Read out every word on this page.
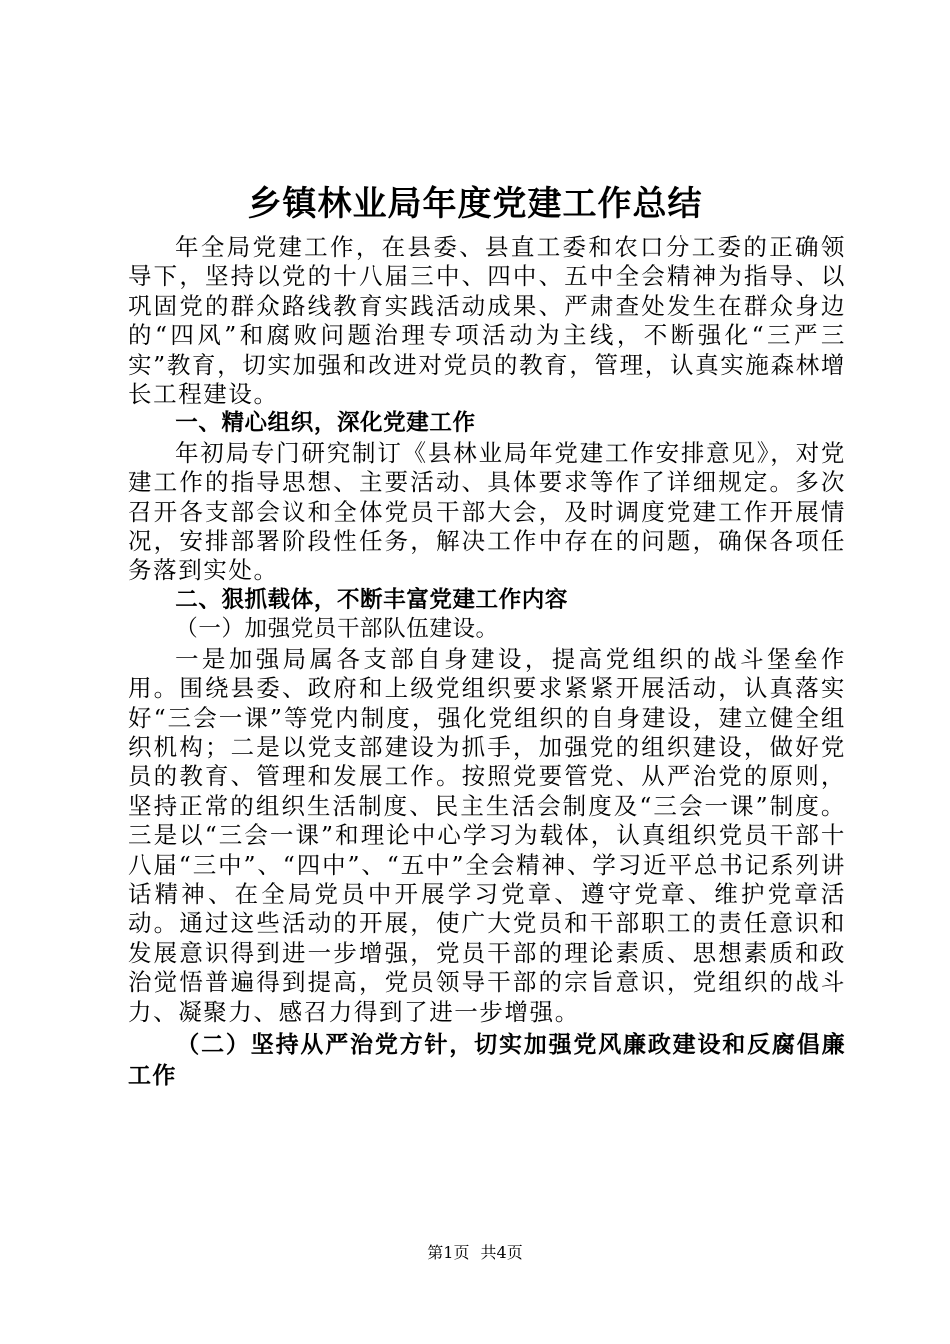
乡镇林业局年度党建工作总结

年全局党建工作，在县委、县直工委和农口分工委的正确领导下，坚持以党的十八届三中、四中、五中全会精神为指导、以巩固党的群众路线教育实践活动成果、严肃查处发生在群众身边的“四风”和腐败问题治理专项活动为主线，不断强化“三严三实”教育，切实加强和改进对党员的教育，管理，认真实施森林增长工程建设。

一、精心组织，深化党建工作

年初局专门研究制订《县林业局年党建工作安排意见》，对党建工作的指导思想、主要活动、具体要求等作了详细规定。多次召开各支部会议和全体党员干部大会，及时调度党建工作开展情况，安排部署阶段性任务，解决工作中存在的问题，确保各项任务落到实处。

二、狠抓载体，不断丰富党建工作内容

（一）加强党员干部队伍建设。

一是加强局属各支部自身建设，提高党组织的战斗堡垒作用。围绕县委、政府和上级党组织要求紧紧开展活动，认真落实好“三会一课”等党内制度，强化党组织的自身建设，建立健全组织机构；二是以党支部建设为抓手，加强党的组织建设，做好党员的教育、管理和发展工作。按照党要管党、从严治党的原则，坚持正常的组织生活制度、民主生活会制度及“三会一课”制度。三是以“三会一课”和理论中心学习为载体，认真组织党员干部十八届“三中”、“四中”、“五中”全会精神、学习近平总书记系列讲话精神、在全局党员中开展学习党章、遵守党章、维护党章活动。通过这些活动的开展，使广大党员和干部职工的责任意识和发展意识得到进一步增强，党员干部的理论素质、思想素质和政治觉悟普遍得到提高，党员领导干部的宗旨意识，党组织的战斗力、凝聚力、感召力得到了进一步增强。

（二）坚持从严治党方针，切实加强党风廉政建设和反腐倡廉工作

第1页 共4页
